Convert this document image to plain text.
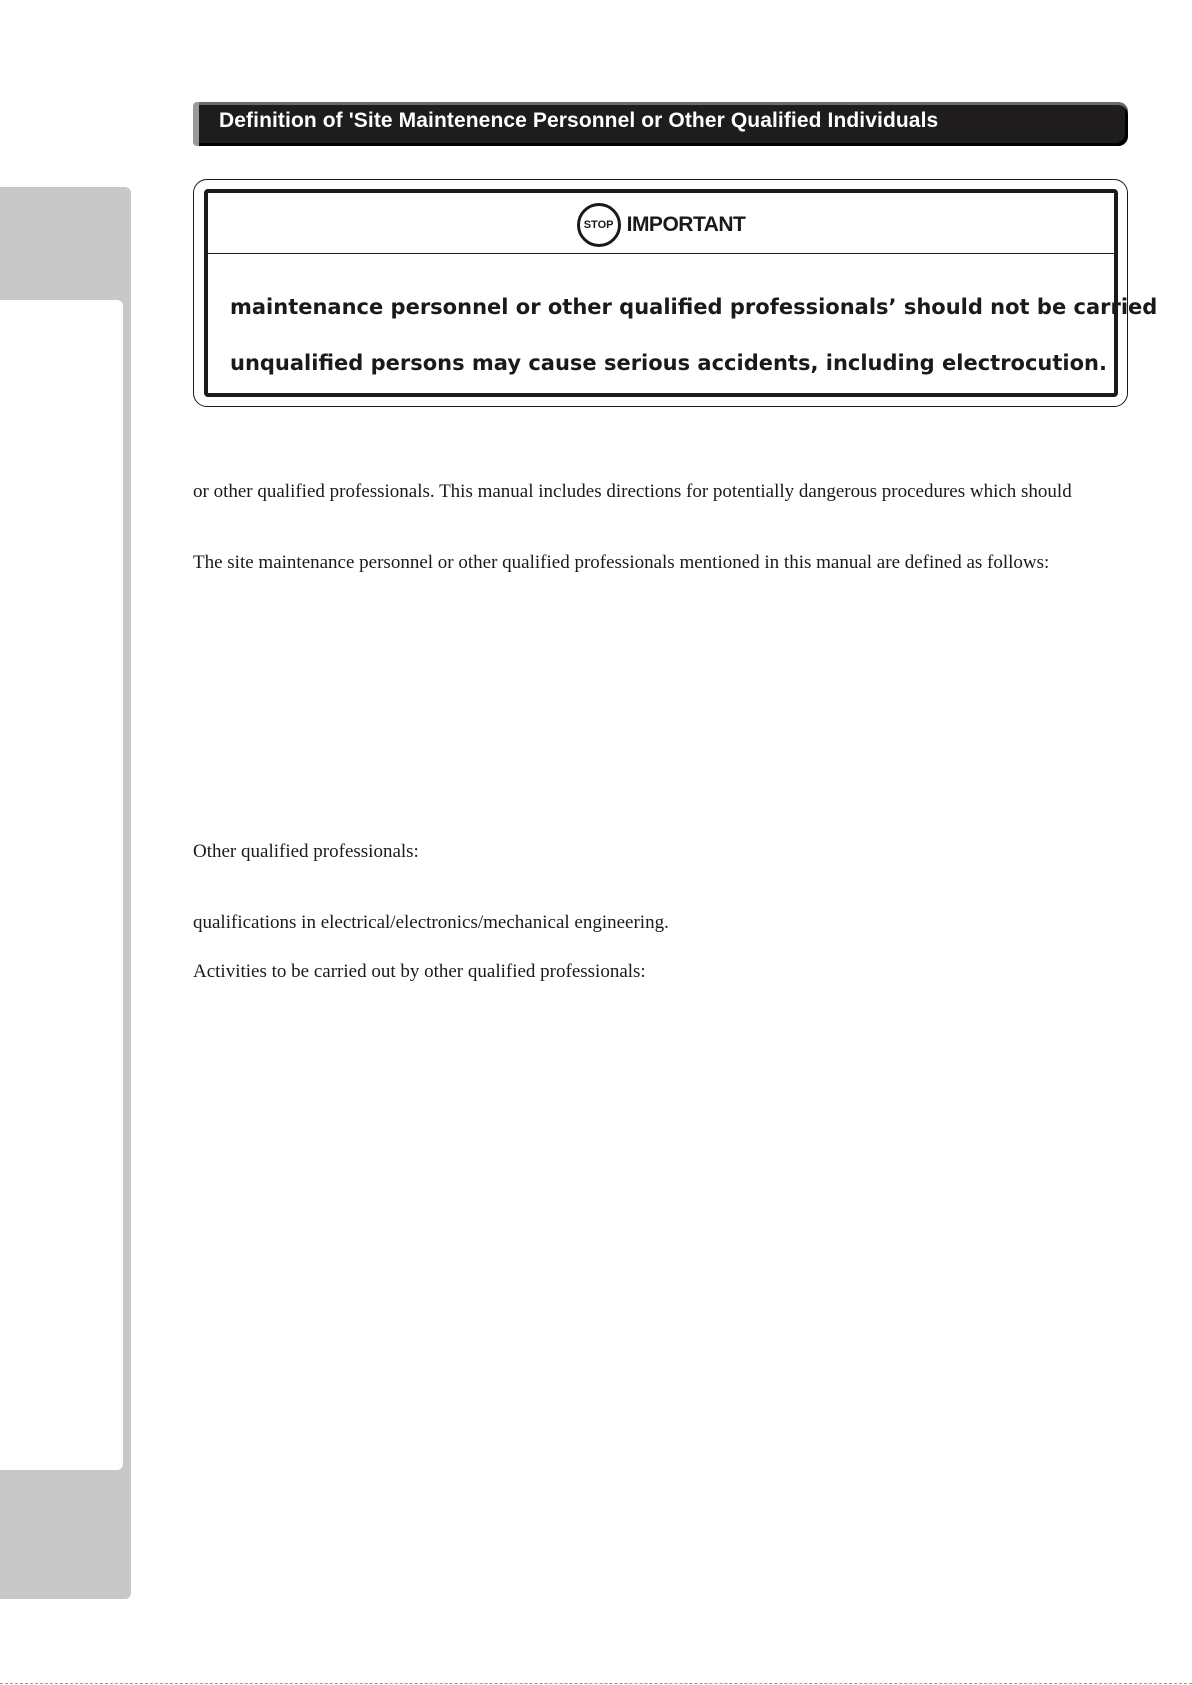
Definition of 'Site Maintenence Personnel or Other Qualified Individuals
STOP IMPORTANT
maintenance personnel or other qualified professionals’ should not be carried
unqualified persons may cause serious accidents, including electrocution.
or other qualified professionals. This manual includes directions for potentially dangerous procedures which should
The site maintenance personnel or other qualified professionals mentioned in this manual are defined as follows:
Other qualified professionals:
qualifications in electrical/electronics/mechanical engineering.
Activities to be carried out by other qualified professionals:
